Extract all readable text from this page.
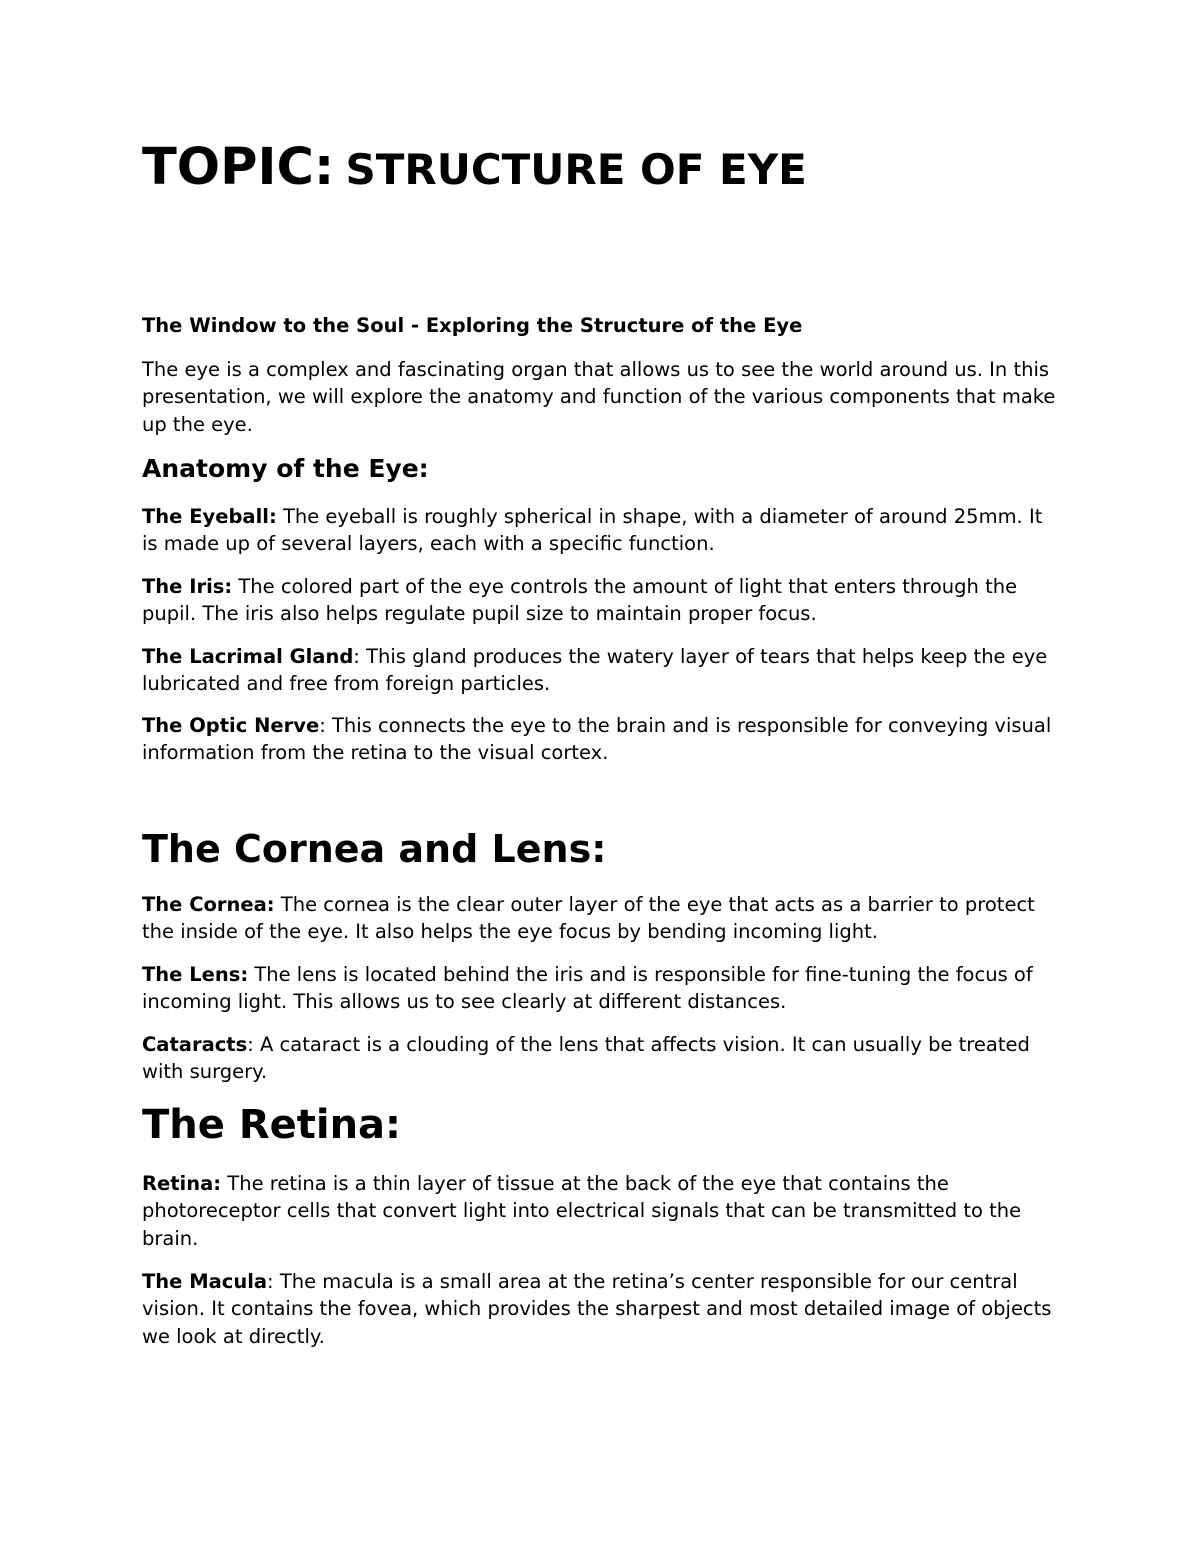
TOPIC: STRUCTURE OF EYE
The Window to the Soul - Exploring the Structure of the Eye
The eye is a complex and fascinating organ that allows us to see the world around us. In this presentation, we will explore the anatomy and function of the various components that make up the eye.
Anatomy of the Eye:
The Eyeball: The eyeball is roughly spherical in shape, with a diameter of around 25mm. It is made up of several layers, each with a specific function.
The Iris: The colored part of the eye controls the amount of light that enters through the pupil. The iris also helps regulate pupil size to maintain proper focus.
The Lacrimal Gland: This gland produces the watery layer of tears that helps keep the eye lubricated and free from foreign particles.
The Optic Nerve: This connects the eye to the brain and is responsible for conveying visual information from the retina to the visual cortex.
The Cornea and Lens:
The Cornea: The cornea is the clear outer layer of the eye that acts as a barrier to protect the inside of the eye. It also helps the eye focus by bending incoming light.
The Lens: The lens is located behind the iris and is responsible for fine-tuning the focus of incoming light. This allows us to see clearly at different distances.
Cataracts: A cataract is a clouding of the lens that affects vision. It can usually be treated with surgery.
The Retina:
Retina: The retina is a thin layer of tissue at the back of the eye that contains the photoreceptor cells that convert light into electrical signals that can be transmitted to the brain.
The Macula: The macula is a small area at the retina’s center responsible for our central vision. It contains the fovea, which provides the sharpest and most detailed image of objects we look at directly.
